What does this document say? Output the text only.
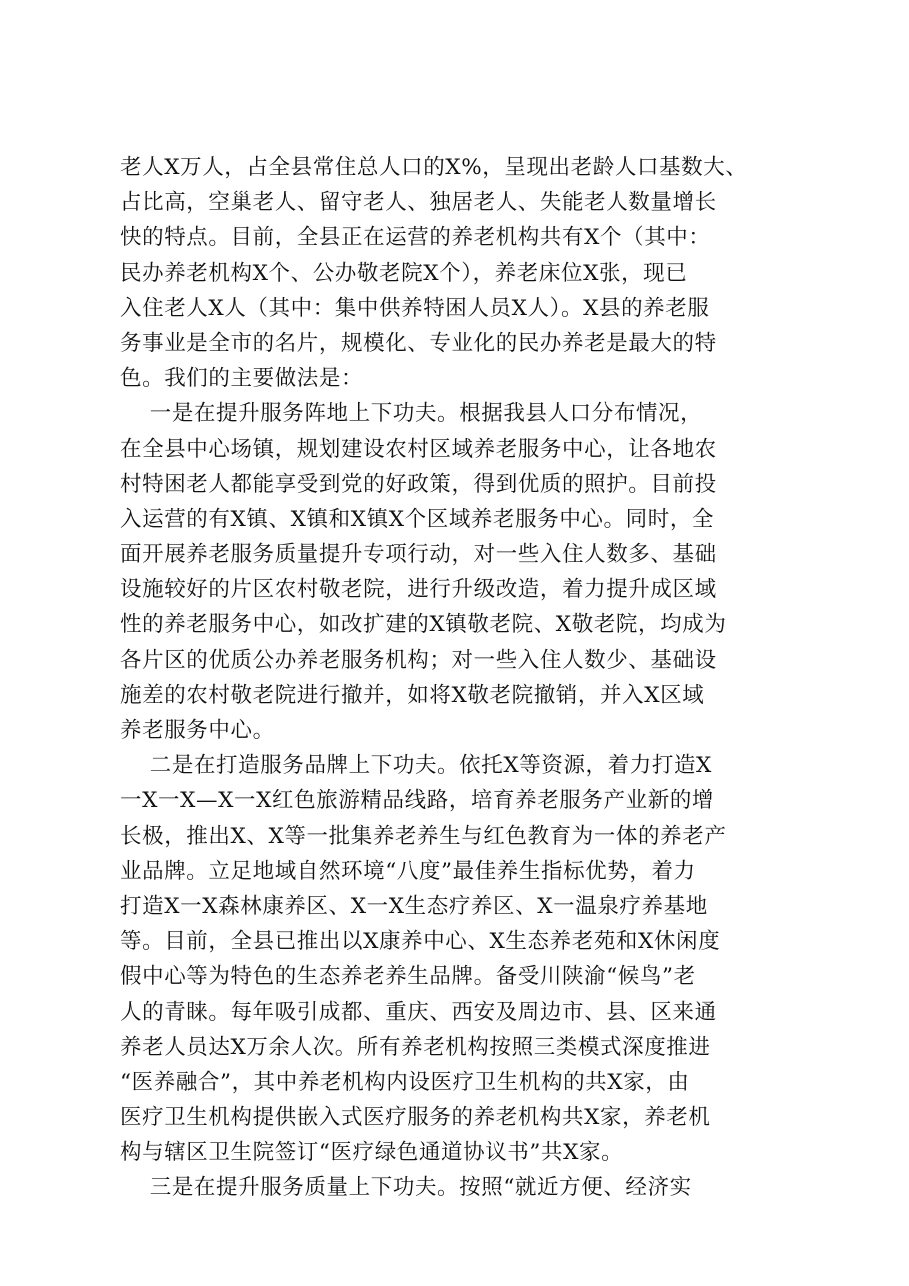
老人X万人，占全县常住总人口的X%，呈现出老龄人口基数大、
占比高，空巢老人、留守老人、独居老人、失能老人数量增长
快的特点。目前，全县正在运营的养老机构共有X个（其中：
民办养老机构X个、公办敬老院X个），养老床位X张，现已
入住老人X人（其中：集中供养特困人员X人）。X县的养老服
务事业是全市的名片，规模化、专业化的民办养老是最大的特
色。我们的主要做法是：
一是在提升服务阵地上下功夫。根据我县人口分布情况，
在全县中心场镇，规划建设农村区域养老服务中心，让各地农
村特困老人都能享受到党的好政策，得到优质的照护。目前投
入运营的有X镇、X镇和X镇X个区域养老服务中心。同时，全
面开展养老服务质量提升专项行动，对一些入住人数多、基础
设施较好的片区农村敬老院，进行升级改造，着力提升成区域
性的养老服务中心，如改扩建的X镇敬老院、X敬老院，均成为
各片区的优质公办养老服务机构；对一些入住人数少、基础设
施差的农村敬老院进行撤并，如将X敬老院撤销，并入X区域
养老服务中心。
二是在打造服务品牌上下功夫。依托X等资源，着力打造X
一X一X—X一X红色旅游精品线路，培育养老服务产业新的增
长极，推出X、X等一批集养老养生与红色教育为一体的养老产
业品牌。立足地域自然环境“八度”最佳养生指标优势，着力
打造X一X森林康养区、X一X生态疗养区、X一温泉疗养基地
等。目前，全县已推出以X康养中心、X生态养老苑和X休闲度
假中心等为特色的生态养老养生品牌。备受川陕渝“候鸟”老
人的青睐。每年吸引成都、重庆、西安及周边市、县、区来通
养老人员达X万余人次。所有养老机构按照三类模式深度推进
“医养融合”，其中养老机构内设医疗卫生机构的共X家，由
医疗卫生机构提供嵌入式医疗服务的养老机构共X家，养老机
构与辖区卫生院签订“医疗绿色通道协议书”共X家。
三是在提升服务质量上下功夫。按照“就近方便、经济实
